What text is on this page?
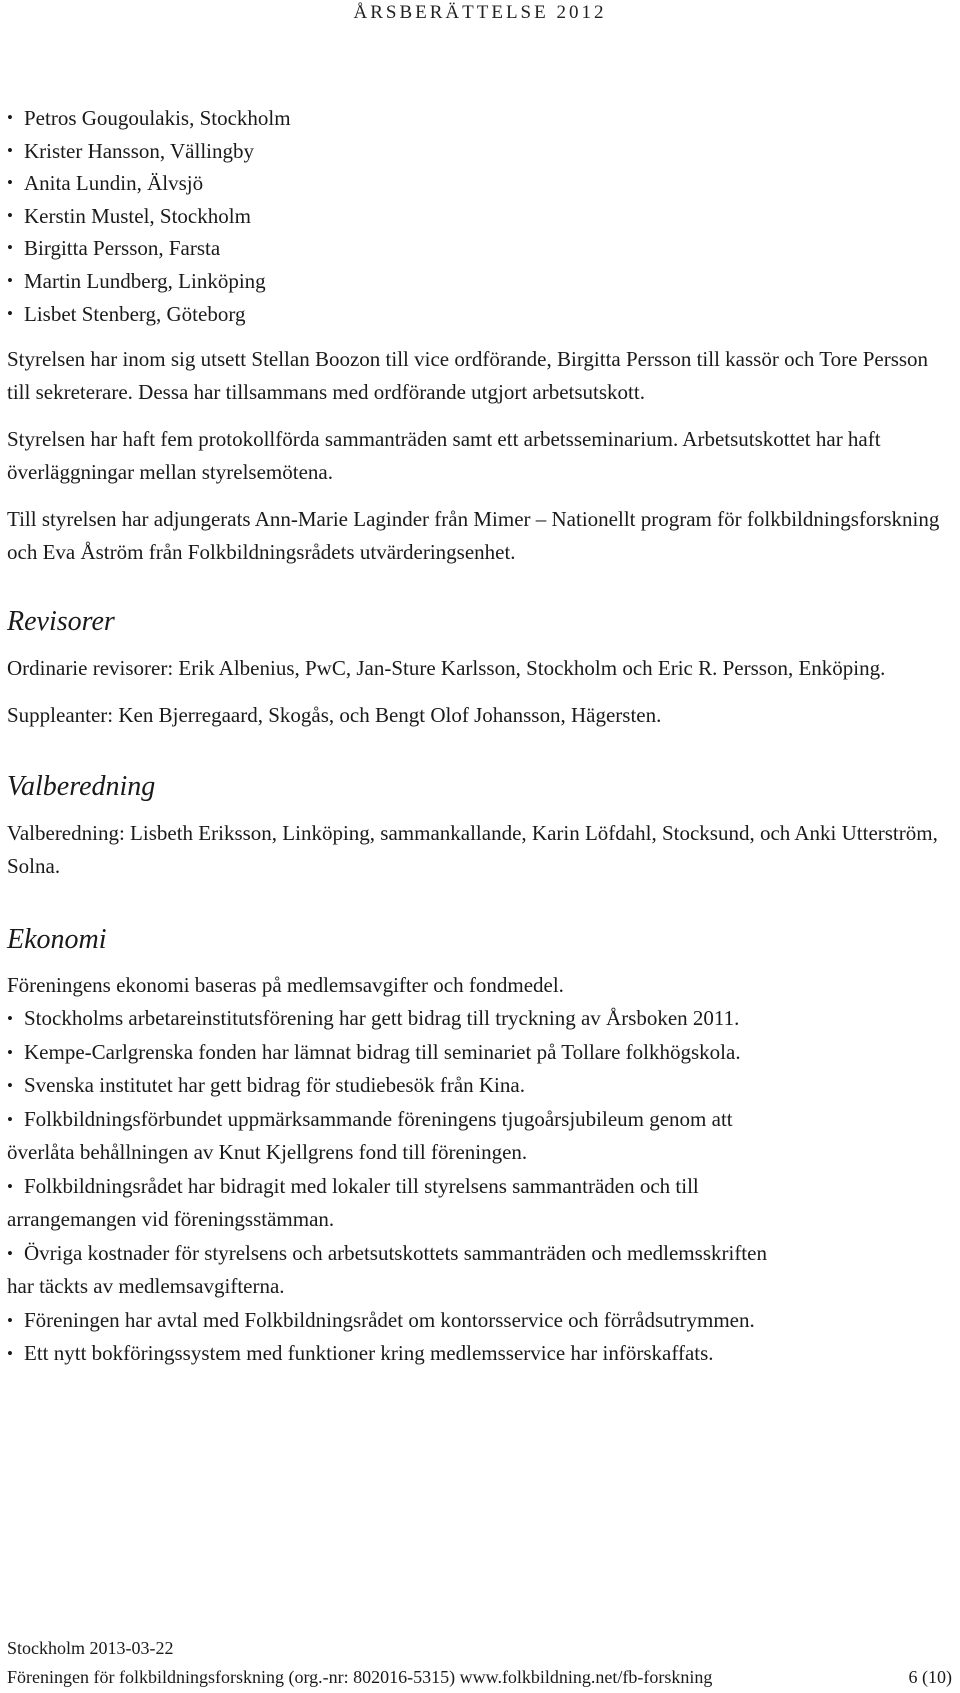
ÅRSBERÄTTELSE 2012
• Petros Gougoulakis, Stockholm
• Krister Hansson, Vällingby
• Anita Lundin, Älvsjö
• Kerstin Mustel, Stockholm
• Birgitta Persson, Farsta
• Martin Lundberg, Linköping
• Lisbet Stenberg, Göteborg

Styrelsen har inom sig utsett Stellan Boozon till vice ordförande, Birgitta Persson till kassör och Tore Persson till sekreterare. Dessa har tillsammans med ordförande utgjort arbetsutskott.

Styrelsen har haft fem protokollförda sammanträden samt ett arbetsseminarium. Arbetsutskottet har haft överläggningar mellan styrelsemötena.

Till styrelsen har adjungerats Ann-Marie Laginder från Mimer – Nationellt program för folkbildningsforskning och Eva Åström från Folkbildningsrådets utvärderingsenhet.

Revisorer

Ordinarie revisorer: Erik Albenius, PwC, Jan-Sture Karlsson, Stockholm och Eric R. Persson, Enköping.

Suppleanter: Ken Bjerregaard, Skogås, och Bengt Olof Johansson, Hägersten.

Valberedning

Valberedning: Lisbeth Eriksson, Linköping, sammankallande, Karin Löfdahl, Stocksund, och Anki Utterström, Solna.

Ekonomi

Föreningens ekonomi baseras på medlemsavgifter och fondmedel.

• Stockholms arbetareinstitutsförening har gett bidrag till tryckning av Årsboken 2011.
• Kempe-Carlgrenska fonden har lämnat bidrag till seminariet på Tollare folkhögskola.
• Svenska institutet har gett bidrag för studiebesök från Kina.
• Folkbildningsförbundet uppmärksammande föreningens tjugoårsjubileum genom att
överlåta behållningen av Knut Kjellgrens fond till föreningen.
• Folkbildningsrådet har bidragit med lokaler till styrelsens sammanträden och till
arrangemangen vid föreningsstämman.
• Övriga kostnader för styrelsens och arbetsutskottets sammanträden och medlemsskriften
har täckts av medlemsavgifterna.
• Föreningen har avtal med Folkbildningsrådet om kontorsservice och förrådsutrymmen.
• Ett nytt bokföringssystem med funktioner kring medlemsservice har införskaffats.
Stockholm 2013-03-22
Föreningen för folkbildningsforskning (org.-nr: 802016-5315) www.folkbildning.net/fb-forskning	6 (10)
